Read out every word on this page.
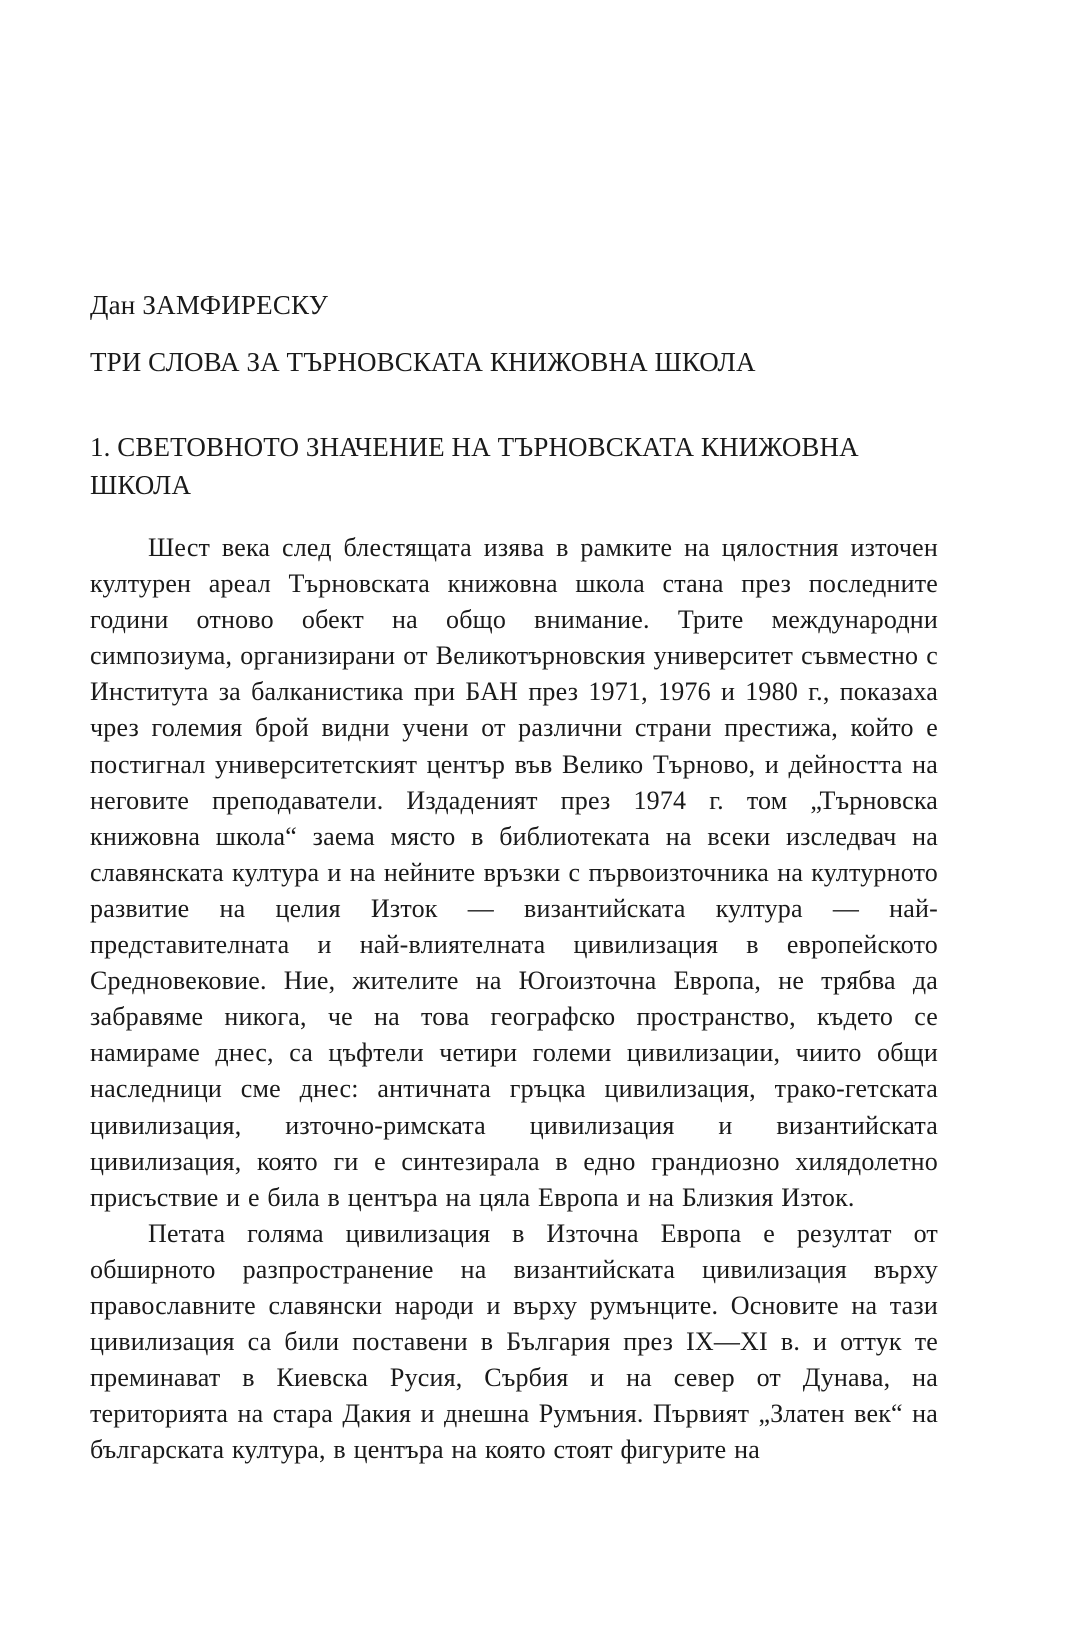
Дан ЗАМФИРЕСКУ
ТРИ СЛОВА ЗА ТЪРНОВСКАТА КНИЖОВНА ШКОЛА
1. СВЕТОВНОТО ЗНАЧЕНИЕ НА ТЪРНОВСКАТА КНИЖОВНА ШКОЛА

Шест века след блестящата изява в рамките на цялостния източен културен ареал Търновската книжовна школа стана през последните години отново обект на общо внимание. Трите международни симпозиума, организирани от Великотърновския университет съвместно с Института за балканистика при БАН през 1971, 1976 и 1980 г., показаха чрез големия брой видни учени от различни страни престижа, който е постигнал университетският център във Велико Търново, и дейността на неговите преподаватели. Издаденият през 1974 г. том „Търновска книжовна школа“ заема място в библиотеката на всеки изследвач на славянската култура и на нейните връзки с първоизточника на културното развитие на целия Изток — византийската култура — най-представителната и най-влиятелната цивилизация в европейското Средновековие. Ние, жителите на Югоизточна Европа, не трябва да забравяме никога, че на това географско пространство, където се намираме днес, са цъфтели четири големи цивилизации, чиито общи наследници сме днес: античната гръцка цивилизация, трако-гетската цивилизация, източно-римската цивилизация и византийската цивилизация, която ги е синтезирала в едно грандиозно хилядолетно присъствие и е била в центъра на цяла Европа и на Близкия Изток.

Петата голяма цивилизация в Източна Европа е резултат от обширното разпространение на византийската цивилизация върху православните славянски народи и върху румънците. Основите на тази цивилизация са били поставени в България през IX—XI в. и оттук те преминават в Киевска Русия, Сърбия и на север от Дунава, на територията на стара Дакия и днешна Румъния. Първият „Златен век“ на българската култура, в центъра на която стоят фигурите на
